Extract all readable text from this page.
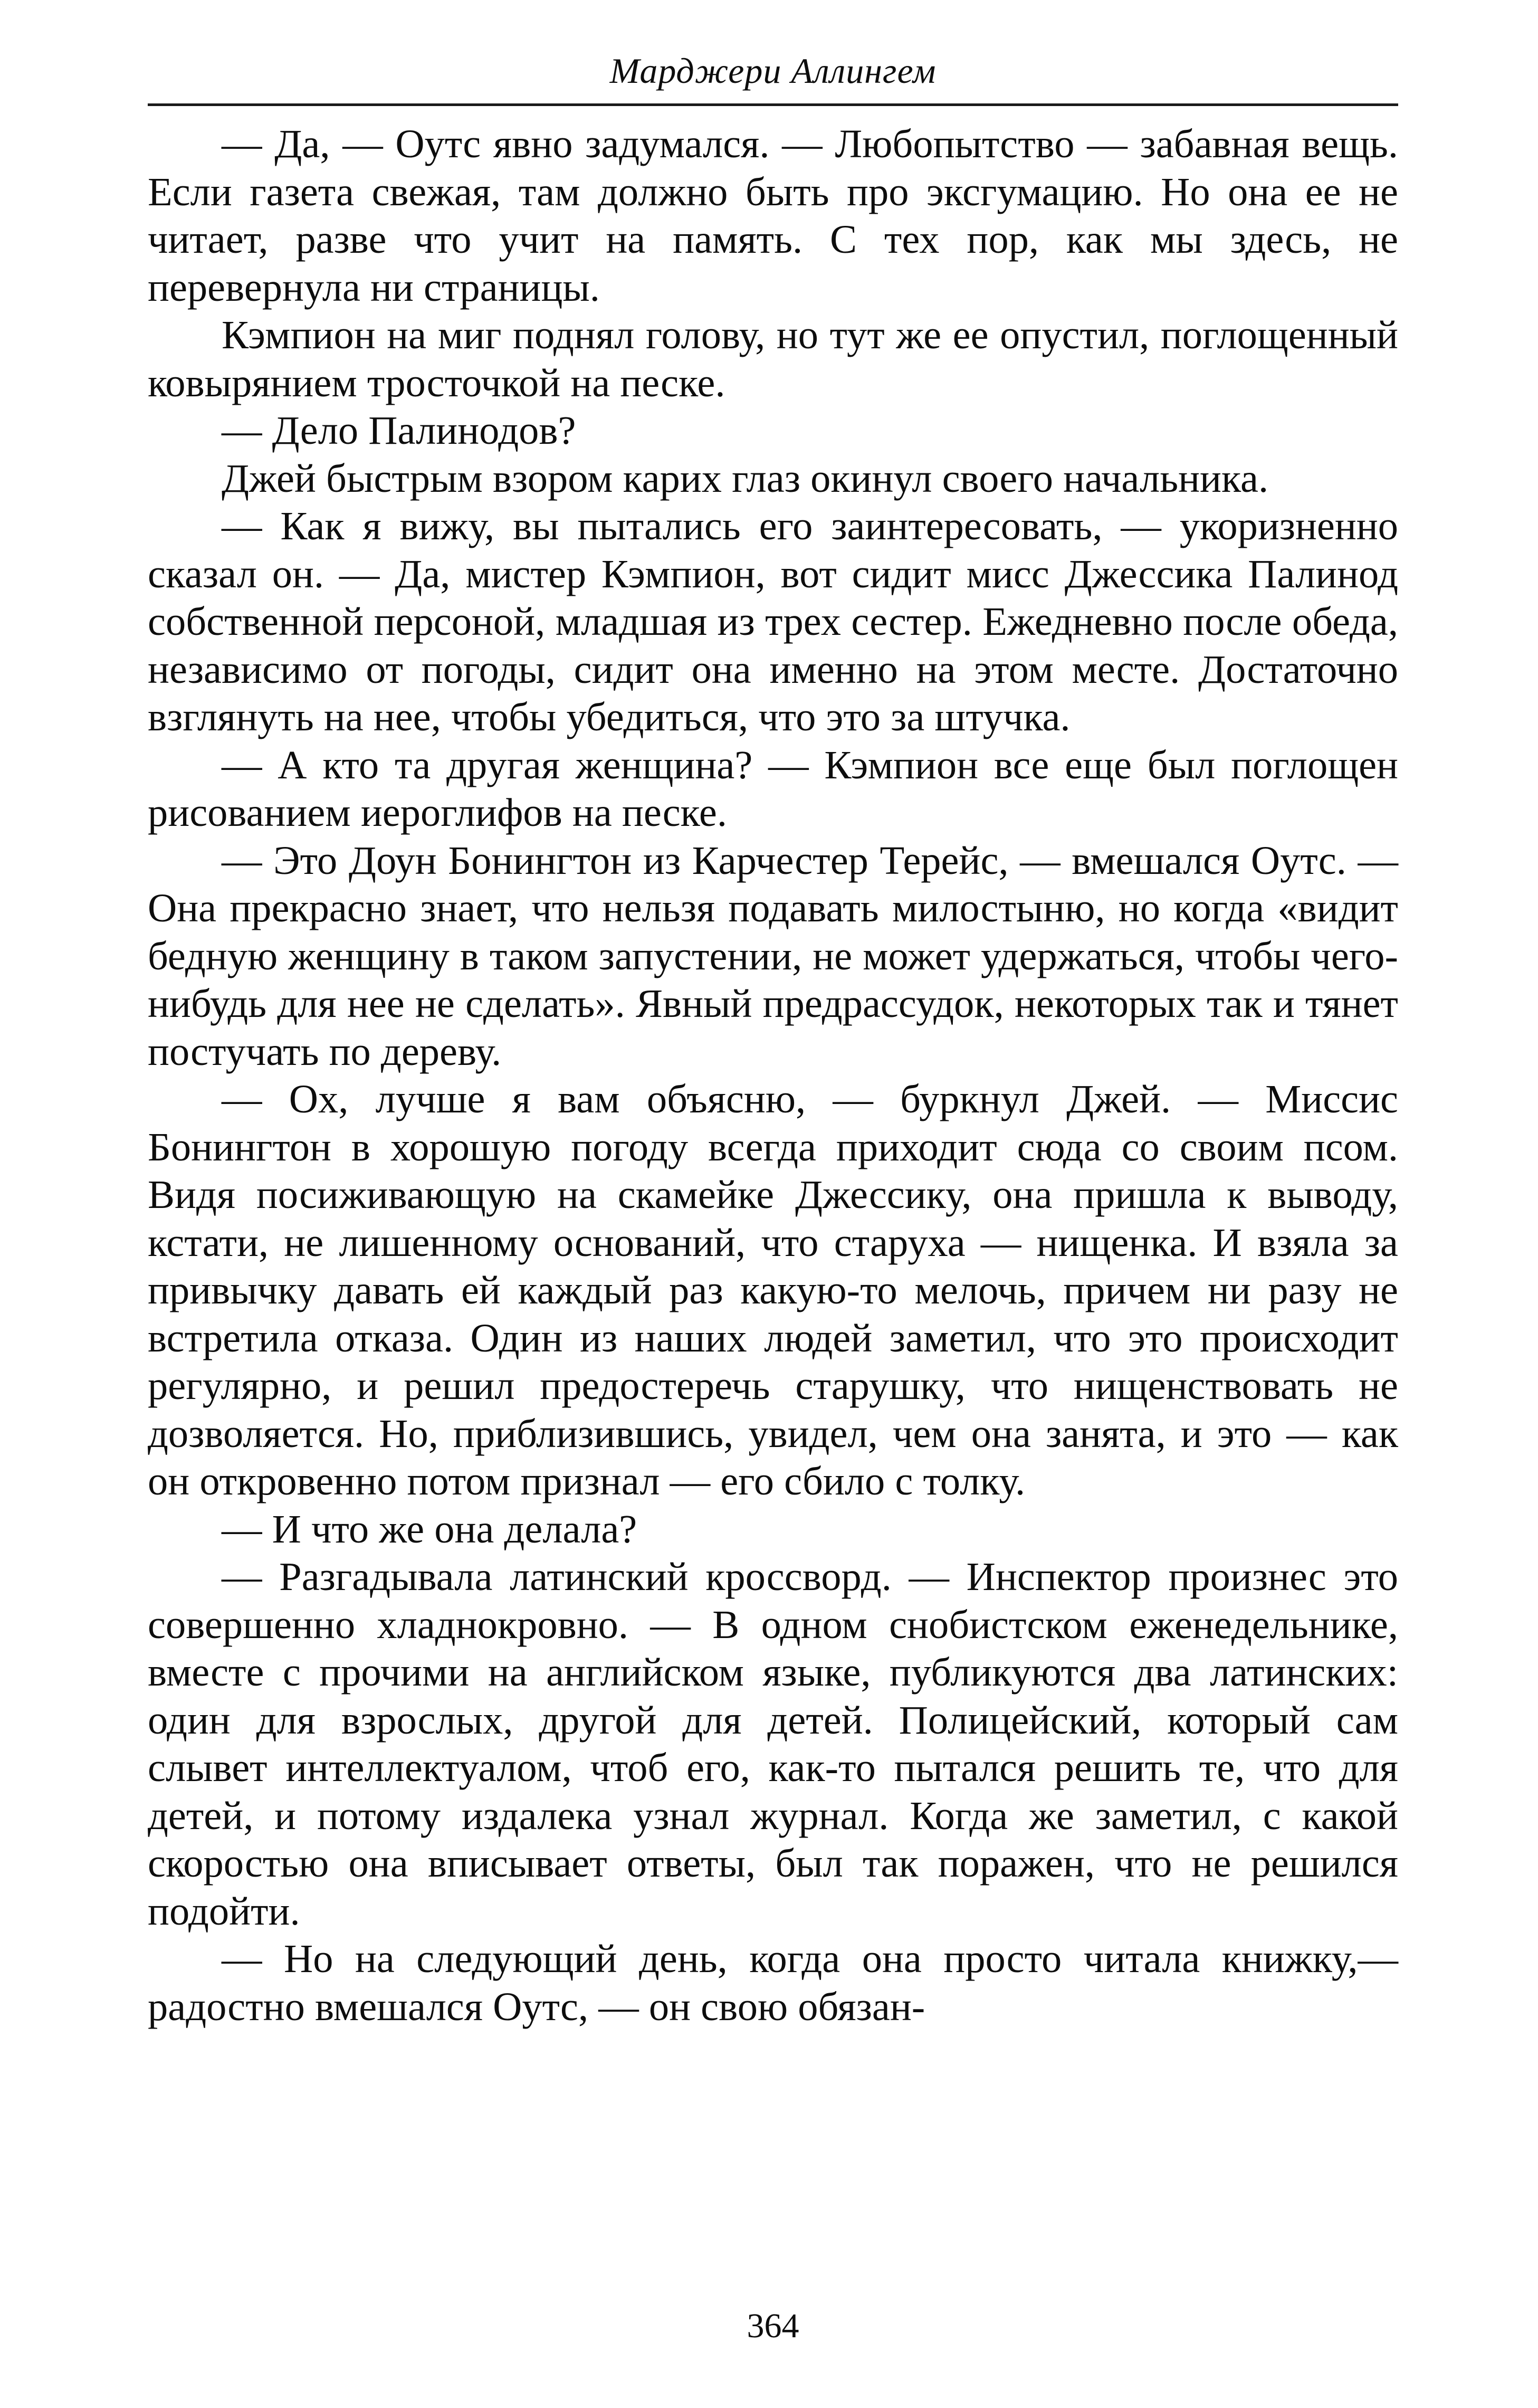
Марджери Аллингем

— Да, — Оутс явно задумался. — Любопытство — забавная вещь. Если газета свежая, там должно быть про эксгумацию. Но она ее не читает, разве что учит на память. С тех пор, как мы здесь, не перевернула ни страницы.

Кэмпион на миг поднял голову, но тут же ее опустил, поглощенный ковырянием тросточкой на песке.

— Дело Палинодов?

Джей быстрым взором карих глаз окинул своего начальника.

— Как я вижу, вы пытались его заинтересовать, — укоризненно сказал он. — Да, мистер Кэмпион, вот сидит мисс Джессика Палинод собственной персоной, младшая из трех сестер. Ежедневно после обеда, независимо от погоды, сидит она именно на этом месте. Достаточно взглянуть на нее, чтобы убедиться, что это за штучка.

— А кто та другая женщина? — Кэмпион все еще был поглощен рисованием иероглифов на песке.

— Это Доун Бонингтон из Карчестер Терейс, — вмешался Оутс. — Она прекрасно знает, что нельзя подавать милостыню, но когда «видит бедную женщину в таком запустении, не может удержаться, чтобы чего-нибудь для нее не сделать». Явный предрассудок, некоторых так и тянет постучать по дереву.

— Ох, лучше я вам объясню, — буркнул Джей. — Миссис Бонингтон в хорошую погоду всегда приходит сюда со своим псом. Видя посиживающую на скамейке Джессику, она пришла к выводу, кстати, не лишенному оснований, что старуха — нищенка. И взяла за привычку давать ей каждый раз какую-то мелочь, причем ни разу не встретила отказа. Один из наших людей заметил, что это происходит регулярно, и решил предостеречь старушку, что нищенствовать не дозволяется. Но, приблизившись, увидел, чем она занята, и это — как он откровенно потом признал — его сбило с толку.

— И что же она делала?

— Разгадывала латинский кроссворд. — Инспектор произнес это совершенно хладнокровно. — В одном снобистском еженедельнике, вместе с прочими на английском языке, публикуются два латинских: один для взрослых, другой для детей. Полицейский, который сам слывет интеллектуалом, чтоб его, как-то пытался решить те, что для детей, и потому издалека узнал журнал. Когда же заметил, с какой скоростью она вписывает ответы, был так поражен, что не решился подойти.

— Но на следующий день, когда она просто читала книжку,— радостно вмешался Оутс, — он свою обязан-

364
